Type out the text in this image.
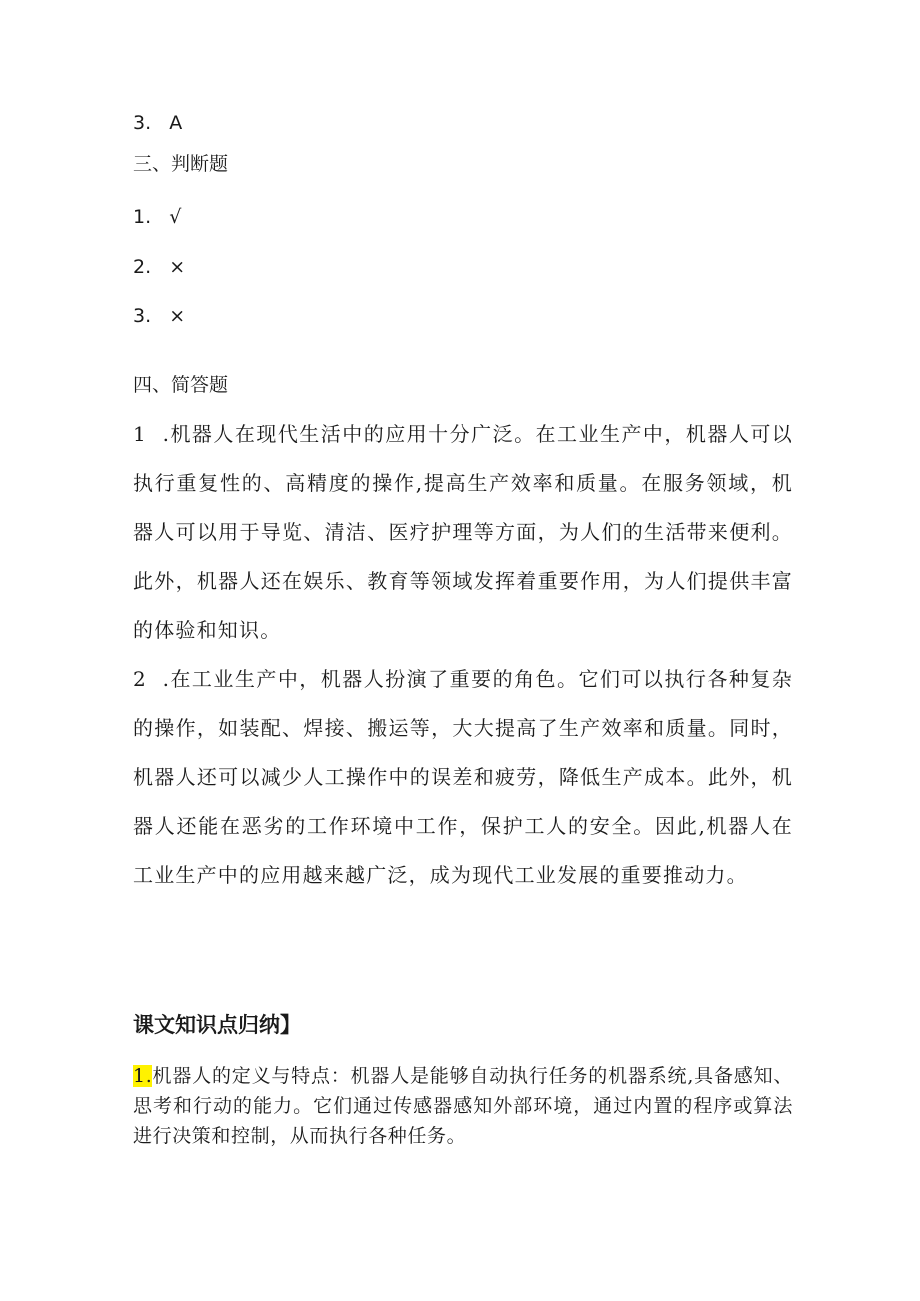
3. A
三、判断题
1. √
2. ×
3. ×
四、简答题

1 .机器人在现代生活中的应用十分广泛。在工业生产中，机器人可以执行重复性的、高精度的操作,提高生产效率和质量。在服务领域，机器人可以用于导览、清洁、医疗护理等方面，为人们的生活带来便利。此外，机器人还在娱乐、教育等领域发挥着重要作用，为人们提供丰富的体验和知识。

2 .在工业生产中，机器人扮演了重要的角色。它们可以执行各种复杂的操作，如装配、焊接、搬运等，大大提高了生产效率和质量。同时，机器人还可以减少人工操作中的误差和疲劳，降低生产成本。此外，机器人还能在恶劣的工作环境中工作，保护工人的安全。因此,机器人在工业生产中的应用越来越广泛，成为现代工业发展的重要推动力。

课文知识点归纳】

1.机器人的定义与特点：机器人是能够自动执行任务的机器系统,具备感知、思考和行动的能力。它们通过传感器感知外部环境，通过内置的程序或算法进行决策和控制，从而执行各种任务。
